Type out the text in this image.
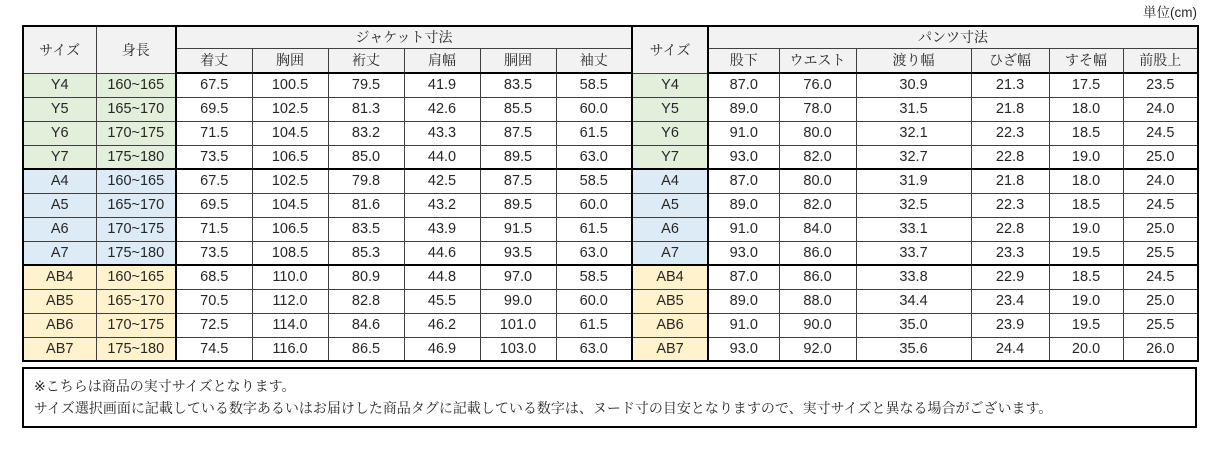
単位(cm)
サイズ	身長	ジャケット寸法						サイズ	パンツ寸法					
		着丈	胸囲	裄丈	肩幅	胴囲	袖丈		股下	ウエスト	渡り幅	ひざ幅	すそ幅	前股上
Y4	160~165	67.5	100.5	79.5	41.9	83.5	58.5	Y4	87.0	76.0	30.9	21.3	17.5	23.5
Y5	165~170	69.5	102.5	81.3	42.6	85.5	60.0	Y5	89.0	78.0	31.5	21.8	18.0	24.0
Y6	170~175	71.5	104.5	83.2	43.3	87.5	61.5	Y6	91.0	80.0	32.1	22.3	18.5	24.5
Y7	175~180	73.5	106.5	85.0	44.0	89.5	63.0	Y7	93.0	82.0	32.7	22.8	19.0	25.0
A4	160~165	67.5	102.5	79.8	42.5	87.5	58.5	A4	87.0	80.0	31.9	21.8	18.0	24.0
A5	165~170	69.5	104.5	81.6	43.2	89.5	60.0	A5	89.0	82.0	32.5	22.3	18.5	24.5
A6	170~175	71.5	106.5	83.5	43.9	91.5	61.5	A6	91.0	84.0	33.1	22.8	19.0	25.0
A7	175~180	73.5	108.5	85.3	44.6	93.5	63.0	A7	93.0	86.0	33.7	23.3	19.5	25.5
AB4	160~165	68.5	110.0	80.9	44.8	97.0	58.5	AB4	87.0	86.0	33.8	22.9	18.5	24.5
AB5	165~170	70.5	112.0	82.8	45.5	99.0	60.0	AB5	89.0	88.0	34.4	23.4	19.0	25.0
AB6	170~175	72.5	114.0	84.6	46.2	101.0	61.5	AB6	91.0	90.0	35.0	23.9	19.5	25.5
AB7	175~180	74.5	116.0	86.5	46.9	103.0	63.0	AB7	93.0	92.0	35.6	24.4	20.0	26.0
※こちらは商品の実寸サイズとなります。
サイズ選択画面に記載している数字あるいはお届けした商品タグに記載している数字は、ヌード寸の目安となりますので、実寸サイズと異なる場合がございます。
